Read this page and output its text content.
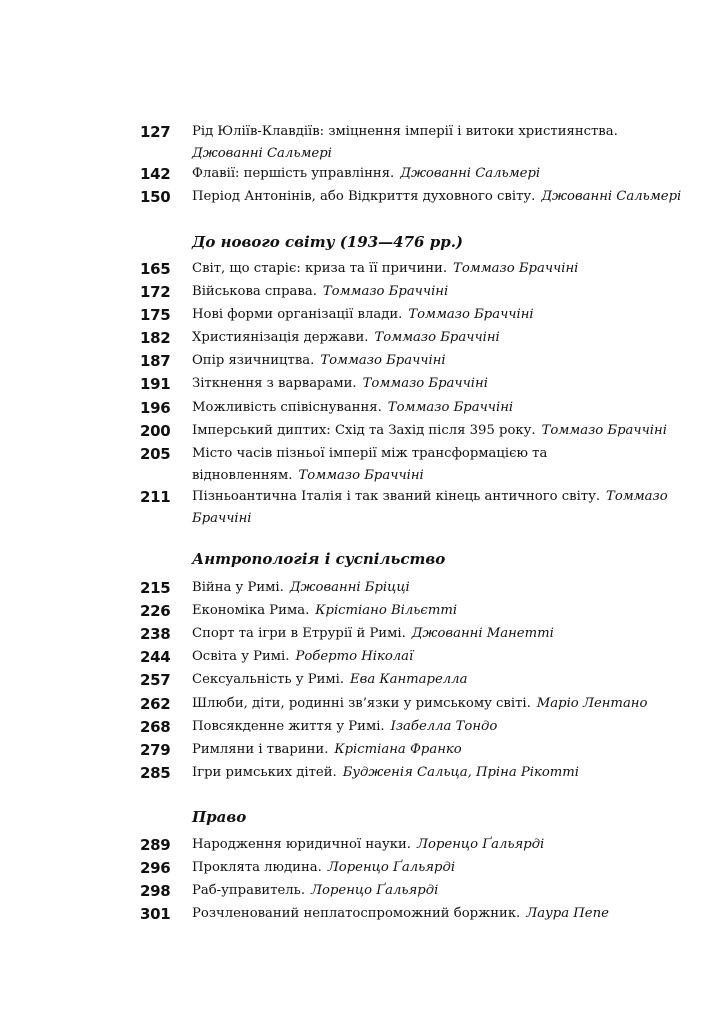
127	Рід Юліїв-Клавдіїв: зміцнення імперії і витоки християнства.
Джованні Сальмері
142	Флавії: першість управління. Джованні Сальмері
150	Період Антонінів, або Відкриття духовного світу. Джованні Сальмері
До нового світу (193—476 рр.)
165	Світ, що старіє: криза та її причини. Томмазо Браччіні
172	Військова справа. Томмазо Браччіні
175	Нові форми організації влади. Томмазо Браччіні
182	Християнізація держави. Томмазо Браччіні
187	Опір язичництва. Томмазо Браччіні
191	Зіткнення з варварами. Томмазо Браччіні
196	Можливість співіснування. Томмазо Браччіні
200	Імперський диптих: Схід та Захід після 395 року. Томмазо Браччіні
205	Місто часів пізньої імперії між трансформацією та
відновленням. Томмазо Браччіні
211	Пізньоантична Італія і так званий кінець античного світу. Томмазо
Браччіні
Антропологія і суспільство
215	Війна у Римі. Джованні Бріцці
226	Економіка Рима. Крістіано Вільєтті
238	Спорт та ігри в Етрурії й Римі. Джованні Манетті
244	Освіта у Римі. Роберто Ніколаї
257	Сексуальність у Римі. Ева Кантарелла
262	Шлюби, діти, родинні зв’язки у римському світі. Маріо Лентано
268	Повсякденне життя у Римі. Ізабелла Тондо
279	Римляни і тварини. Крістіана Франко
285	Ігри римських дітей. Будженія Сальца, Пріна Рікотті
Право
289	Народження юридичної науки. Лоренцо Ґальярді
296	Проклята людина. Лоренцо Ґальярді
298	Раб-управитель. Лоренцо Ґальярді
301	Розчленований неплатоспроможний боржник. Лаура Пепе
